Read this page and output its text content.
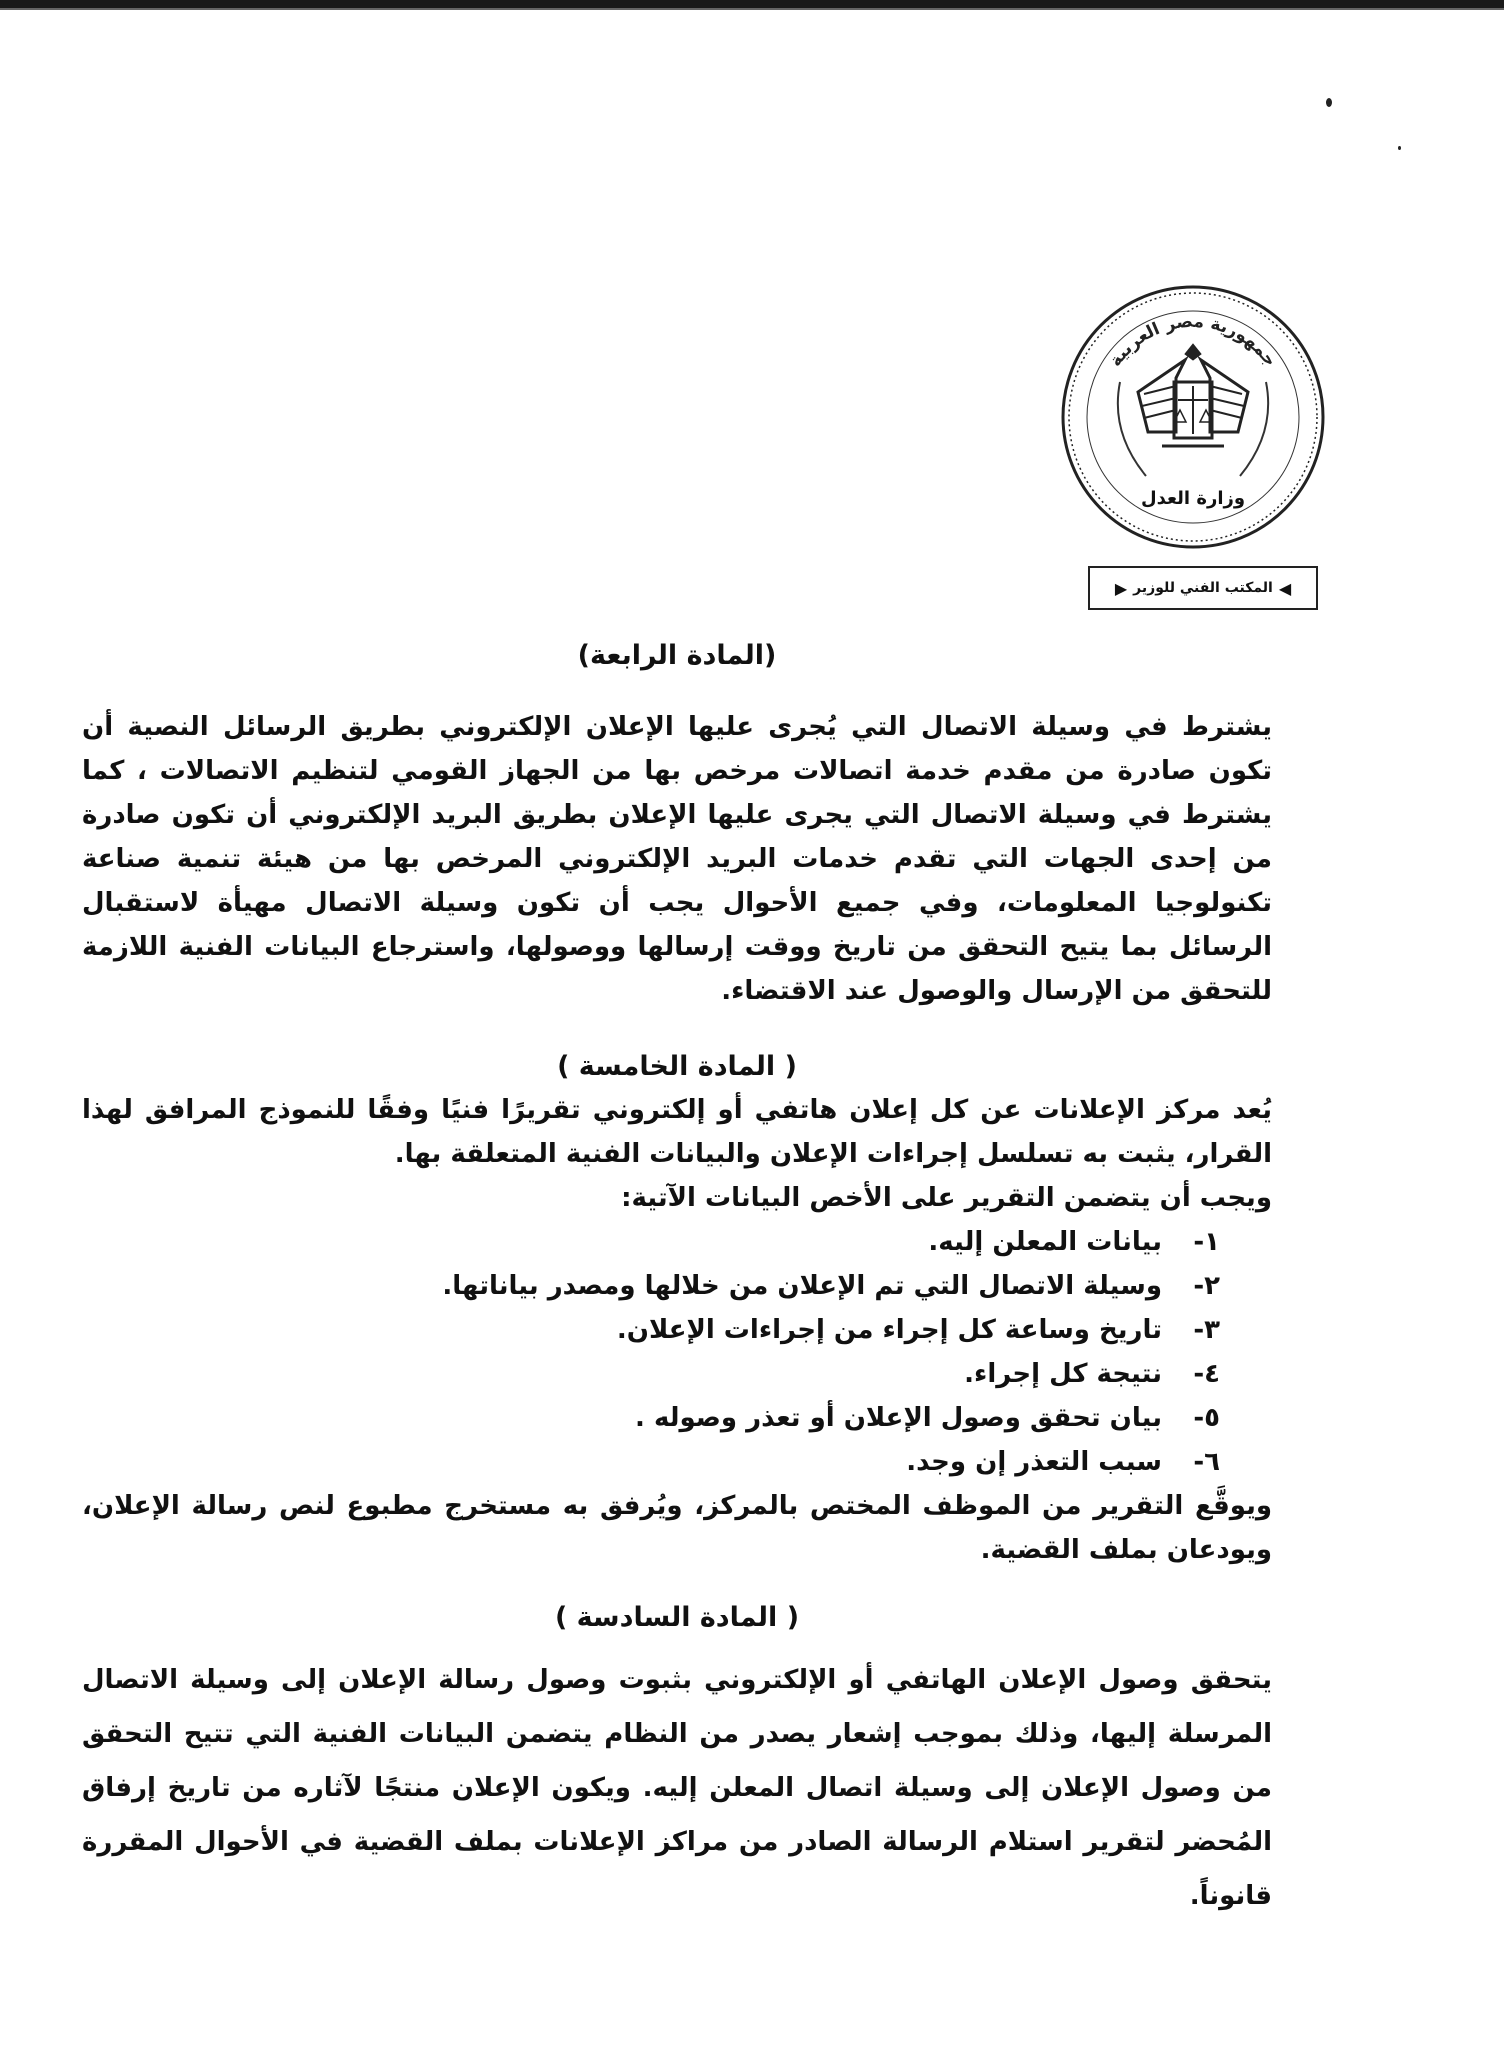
جمهورية مصر العربية
وزارة العدل
◀
المكتب الفني للوزير
▶
(المادة الرابعة)

يشترط في وسيلة الاتصال التي يُجرى عليها الإعلان الإلكتروني بطريق الرسائل النصية أن تكون صادرة من مقدم خدمة اتصالات مرخص بها من الجهاز القومي لتنظيم الاتصالات ، كما يشترط في وسيلة الاتصال التي يجرى عليها الإعلان بطريق البريد الإلكتروني أن تكون صادرة من إحدى الجهات التي تقدم خدمات البريد الإلكتروني المرخص بها من هيئة تنمية صناعة تكنولوجيا المعلومات، وفي جميع الأحوال يجب أن تكون وسيلة الاتصال مهيأة لاستقبال الرسائل بما يتيح التحقق من تاريخ ووقت إرسالها ووصولها، واسترجاع البيانات الفنية اللازمة للتحقق من الإرسال والوصول عند الاقتضاء.

( المادة الخامسة )

يُعد مركز الإعلانات عن كل إعلان هاتفي أو إلكتروني تقريرًا فنيًا وفقًا للنموذج المرافق لهذا القرار، يثبت به تسلسل إجراءات الإعلان والبيانات الفنية المتعلقة بها.

ويجب أن يتضمن التقرير على الأخص البيانات الآتية:

١-
بيانات المعلن إليه.
٢-
وسيلة الاتصال التي تم الإعلان من خلالها ومصدر بياناتها.
٣-
تاريخ وساعة كل إجراء من إجراءات الإعلان.
٤-
نتيجة كل إجراء.
٥-
بيان تحقق وصول الإعلان أو تعذر وصوله .
٦-
سبب التعذر إن وجد.

ويوقَّع التقرير من الموظف المختص بالمركز، ويُرفق به مستخرج مطبوع لنص رسالة الإعلان، ويودعان بملف القضية.

( المادة السادسة )

يتحقق وصول الإعلان الهاتفي أو الإلكتروني بثبوت وصول رسالة الإعلان إلى وسيلة الاتصال المرسلة إليها، وذلك بموجب إشعار يصدر من النظام يتضمن البيانات الفنية التي تتيح التحقق من وصول الإعلان إلى وسيلة اتصال المعلن إليه. ويكون الإعلان منتجًا لآثاره من تاريخ إرفاق المُحضر لتقرير استلام الرسالة الصادر من مراكز الإعلانات بملف القضية في الأحوال المقررة قانوناً.
